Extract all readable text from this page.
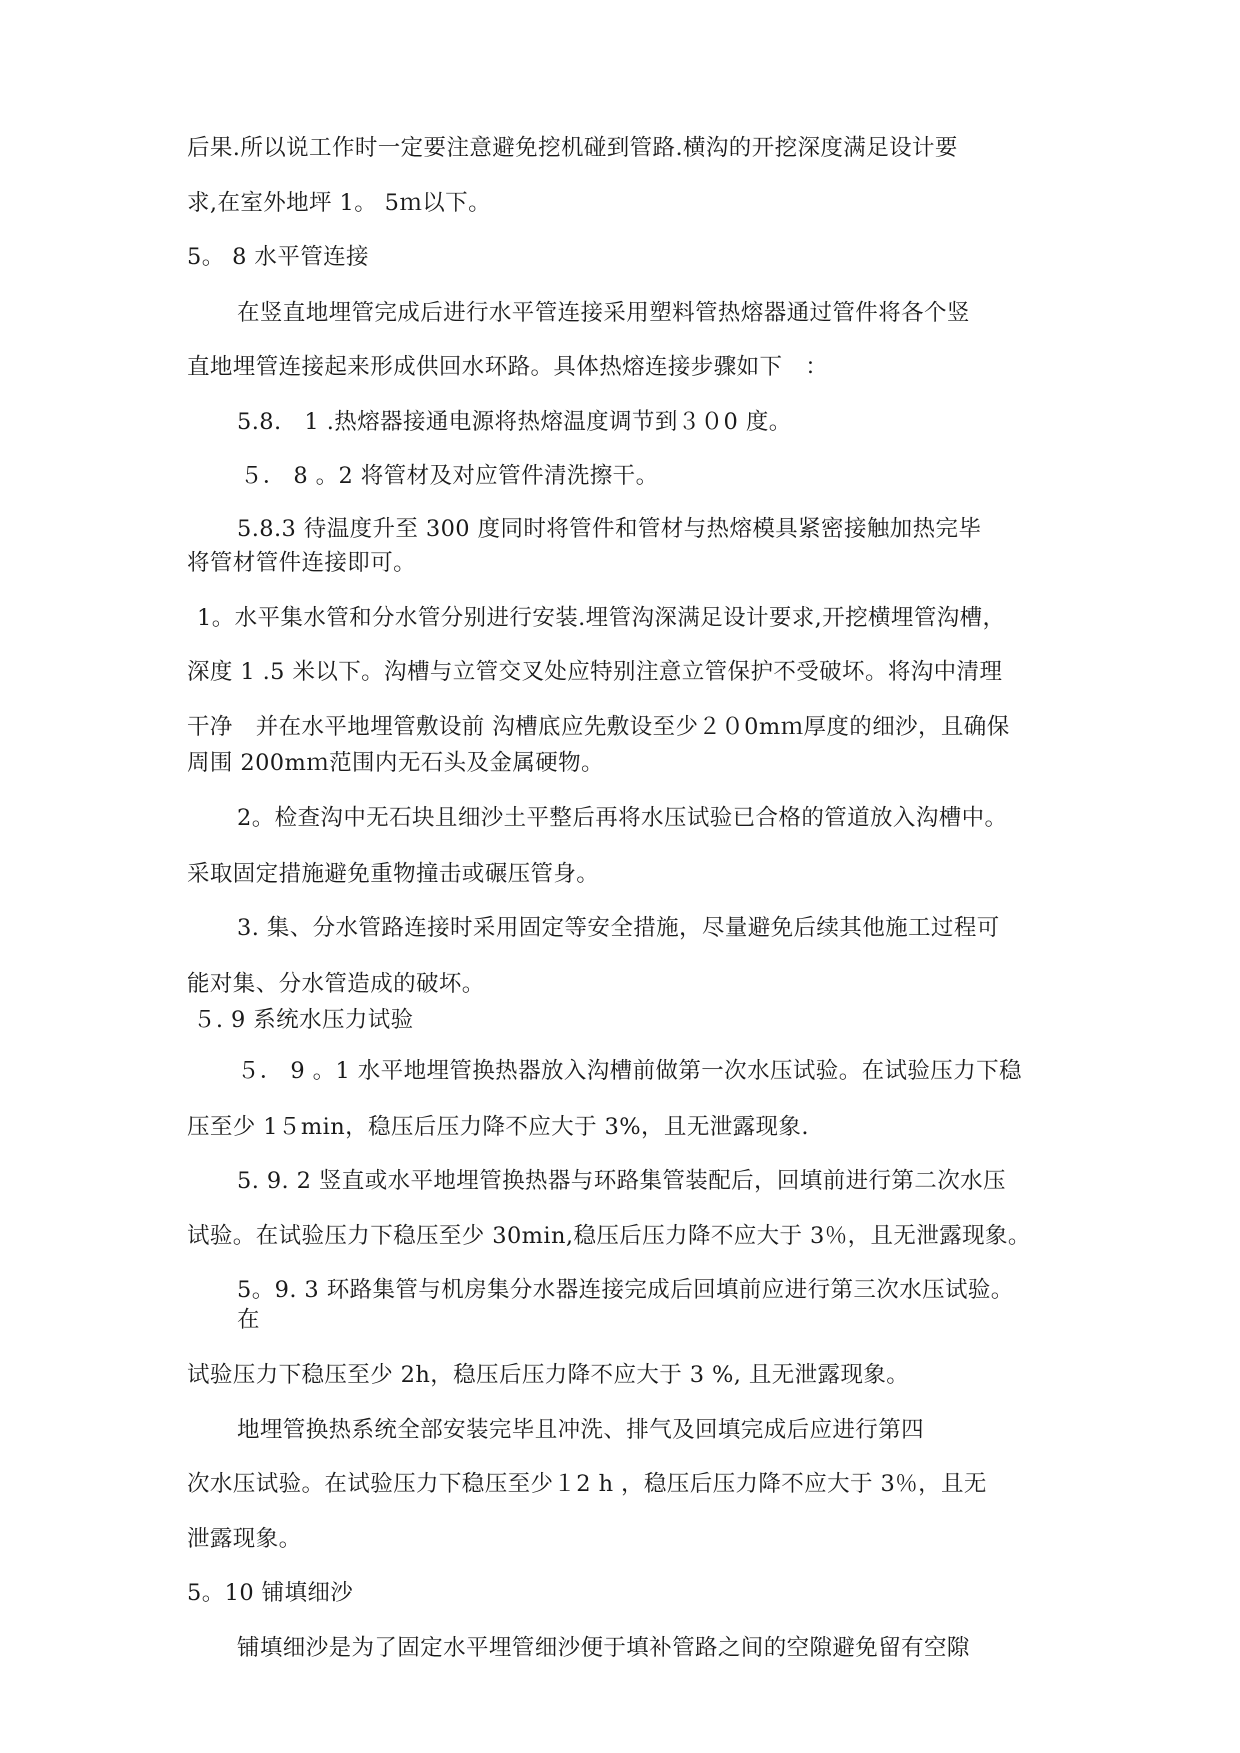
后果.所以说工作时一定要注意避免挖机碰到管路.横沟的开挖深度满足设计要
求,在室外地坪 1。 5ｍ以下。
5。 8 水平管连接
在竖直地埋管完成后进行水平管连接采用塑料管热熔器通过管件将各个竖
直地埋管连接起来形成供回水环路。具体热熔连接步骤如下　：
5.8.　1 .热熔器接通电源将热熔温度调节到３０0 度。
５． 8 。2 将管材及对应管件清洗擦干。
5.8.3 待温度升至 300 度同时将管件和管材与热熔模具紧密接触加热完毕
将管材管件连接即可。
1。水平集水管和分水管分别进行安装.埋管沟深满足设计要求,开挖横埋管沟槽，
深度 1 .5 米以下。沟槽与立管交叉处应特别注意立管保护不受破坏。将沟中清理
干净　并在水平地埋管敷设前 沟槽底应先敷设至少２０0mｍ厚度的细沙，且确保
周围 200mｍ范围内无石头及金属硬物。
2。检查沟中无石块且细沙土平整后再将水压试验已合格的管道放入沟槽中。
采取固定措施避免重物撞击或碾压管身。
3. 集、分水管路连接时采用固定等安全措施，尽量避免后续其他施工过程可
能对集、分水管造成的破坏。
５. 9 系统水压力试验
５． 9 。1 水平地埋管换热器放入沟槽前做第一次水压试验。在试验压力下稳
压至少 1５min，稳压后压力降不应大于 3%，且无泄露现象.
5. 9. 2 竖直或水平地埋管换热器与环路集管装配后，回填前进行第二次水压
试验。在试验压力下稳压至少 30min,稳压后压力降不应大于 3％，且无泄露现象。
5。9. 3 环路集管与机房集分水器连接完成后回填前应进行第三次水压试验。
在
试验压力下稳压至少 2h，稳压后压力降不应大于 3 %, 且无泄露现象。
地埋管换热系统全部安装完毕且冲洗、排气及回填完成后应进行第四
次水压试验。在试验压力下稳压至少１2 h ，稳压后压力降不应大于 3％，且无
泄露现象。
5。10 铺填细沙
铺填细沙是为了固定水平埋管细沙便于填补管路之间的空隙避免留有空隙
